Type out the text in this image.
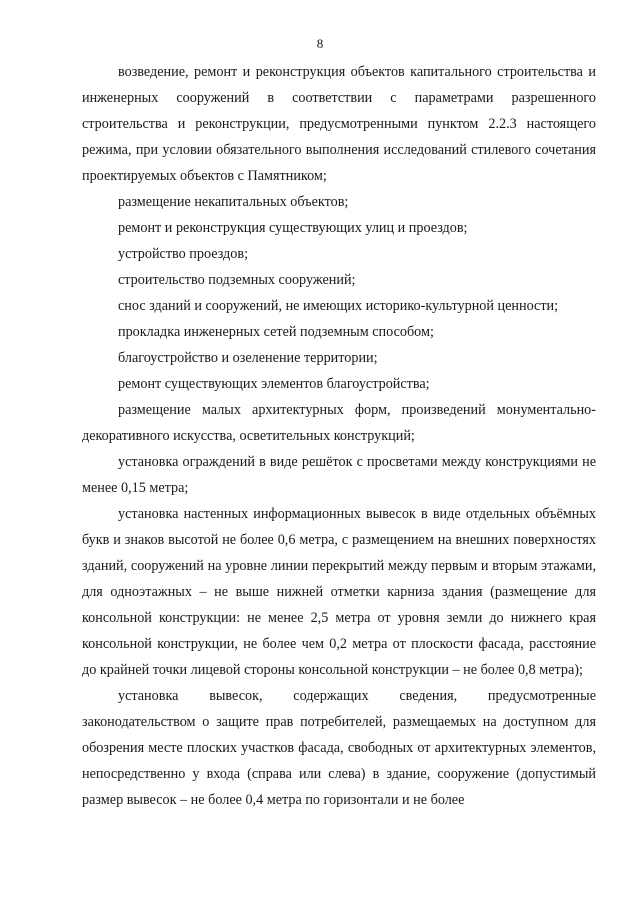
8

возведение, ремонт и реконструкция объектов капитального строительства и инженерных сооружений в соответствии с параметрами разрешенного строительства и реконструкции, предусмотренными пунктом 2.2.3 настоящего режима, при условии обязательного выполнения исследований стилевого сочетания проектируемых объектов с Памятником;

размещение некапитальных объектов;

ремонт и реконструкция существующих улиц и проездов;

устройство проездов;

строительство подземных сооружений;

снос зданий и сооружений, не имеющих историко-культурной ценности;

прокладка инженерных сетей подземным способом;

благоустройство и озеленение территории;

ремонт существующих элементов благоустройства;

размещение малых архитектурных форм, произведений монументально-декоративного искусства, осветительных конструкций;

установка ограждений в виде решёток с просветами между конструкциями не менее 0,15 метра;

установка настенных информационных вывесок в виде отдельных объёмных букв и знаков высотой не более 0,6 метра, с размещением на внешних поверхностях зданий, сооружений на уровне линии перекрытий между первым и вторым этажами, для одноэтажных – не выше нижней отметки карниза здания (размещение для консольной конструкции: не менее 2,5 метра от уровня земли до нижнего края консольной конструкции, не более чем 0,2 метра от плоскости фасада, расстояние до крайней точки лицевой стороны консольной конструкции – не более 0,8 метра);

установка вывесок, содержащих сведения, предусмотренные законодательством о защите прав потребителей, размещаемых на доступном для обозрения месте плоских участков фасада, свободных от архитектурных элементов, непосредственно у входа (справа или слева) в здание, сооружение (допустимый размер вывесок – не более 0,4 метра по горизонтали и не более
